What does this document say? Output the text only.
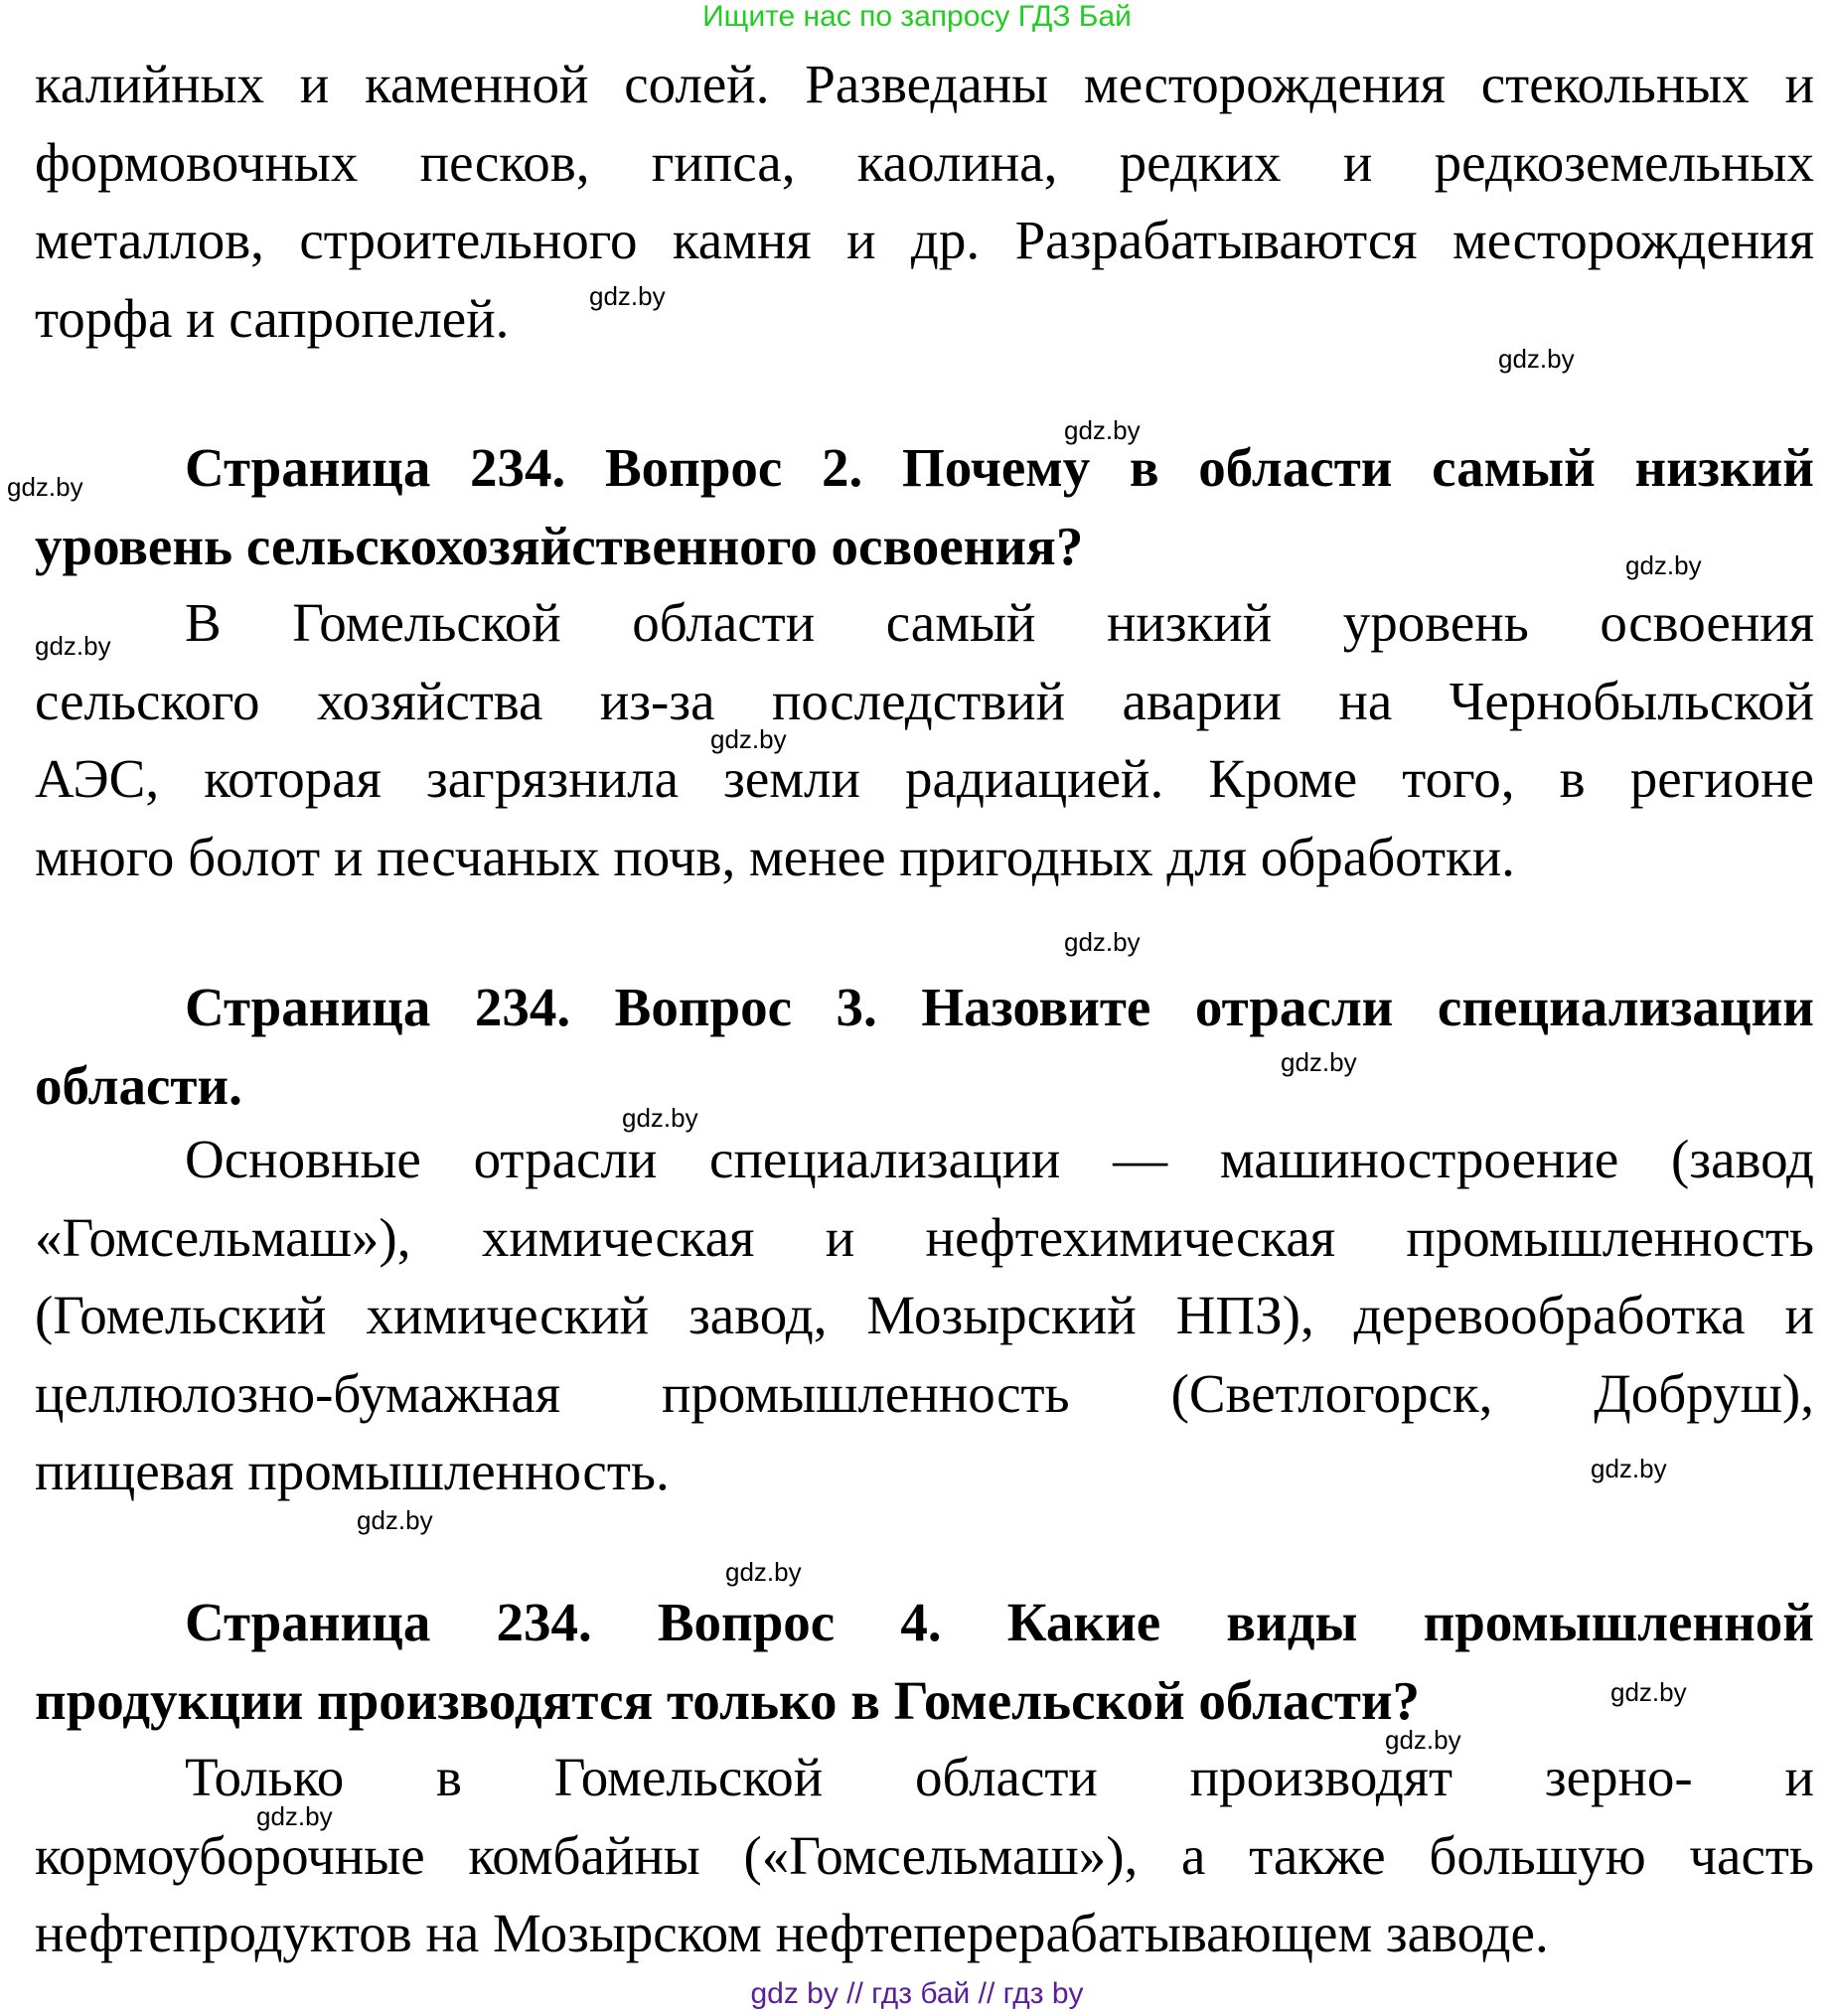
Ищите нас по запросу ГДЗ Бай
калийных и каменной солей. Разведаны месторождения стекольных и
формовочных песков, гипса, каолина, редких и редкоземельных
металлов, строительного камня и др. Разрабатываются месторождения
торфа и сапропелей.
Страница 234. Вопрос 2. Почему в области самый низкий
уровень сельскохозяйственного освоения?
В Гомельской области самый низкий уровень освоения
сельского хозяйства из-за последствий аварии на Чернобыльской
АЭС, которая загрязнила земли радиацией. Кроме того, в регионе
много болот и песчаных почв, менее пригодных для обработки.
Страница 234. Вопрос 3. Назовите отрасли специализации
области.
Основные отрасли специализации — машиностроение (завод
«Гомсельмаш»), химическая и нефтехимическая промышленность
(Гомельский химический завод, Мозырский НПЗ), деревообработка и
целлюлозно-бумажная промышленность (Светлогорск, Добруш),
пищевая промышленность.
Страница 234. Вопрос 4. Какие виды промышленной
продукции производятся только в Гомельской области?
Только в Гомельской области производят зерно- и
кормоуборочные комбайны («Гомсельмаш»), а также большую часть
нефтепродуктов на Мозырском нефтеперерабатывающем заводе.
gdz.by
gdz.by
gdz.by
gdz.by
gdz.by
gdz.by
gdz.by
gdz.by
gdz.by
gdz.by
gdz.by
gdz.by
gdz.by
gdz.by
gdz.by
gdz.by
gdz by // гдз бай // гдз by
